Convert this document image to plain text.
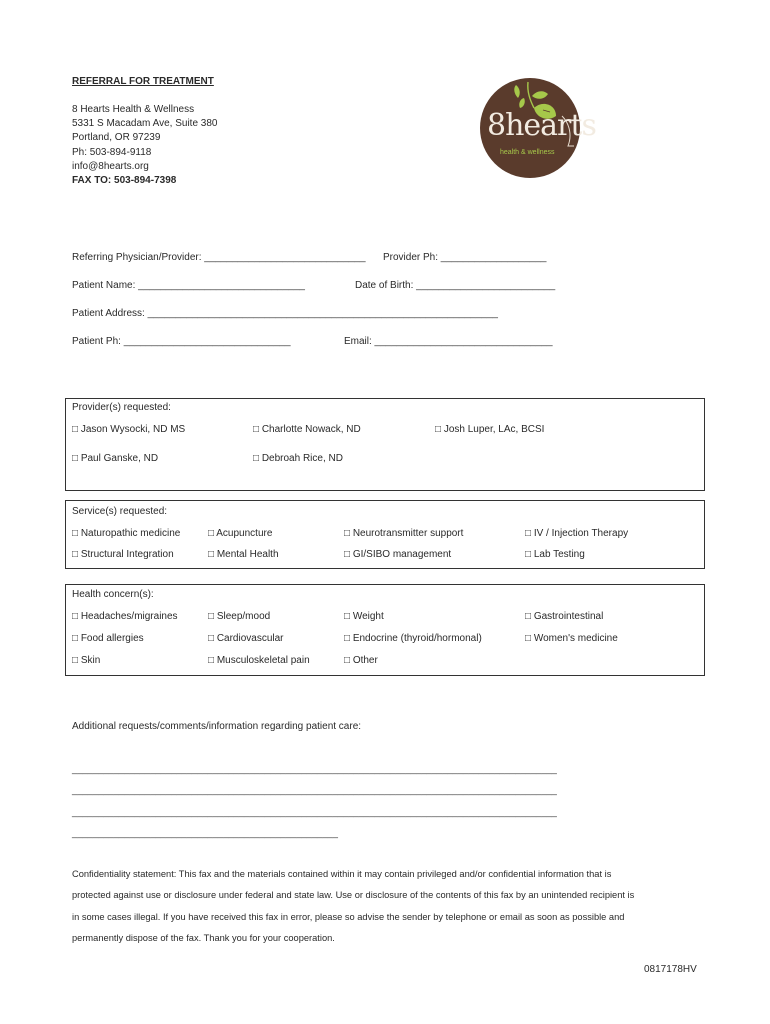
REFERRAL FOR TREATMENT
8 Hearts Health & Wellness
5331 S Macadam Ave, Suite 380
Portland, OR 97239
Ph: 503-894-9118
info@8hearts.org
FAX TO: 503-894-7398
8hearts
health & wellness
Referring Physician/Provider: _____________________________ Provider Ph: ___________________
Patient Name: ______________________________	Date of Birth: _________________________
Patient Address: _______________________________________________________________
Patient Ph: ______________________________	Email: ________________________________
Provider(s) requested:
□ Jason Wysocki, ND MS	□ Charlotte Nowack, ND	□ Josh Luper, LAc, BCSI
□ Paul Ganske, ND	□ Debroah Rice, ND
Service(s) requested:
□ Naturopathic medicine	□ Acupuncture	□ Neurotransmitter support	□ IV / Injection Therapy
□ Structural Integration	□ Mental Health	□ GI/SIBO management	□ Lab Testing
Health concern(s):
□ Headaches/migraines	□ Sleep/mood	□ Weight	□ Gastrointestinal
□ Food allergies	□ Cardiovascular	□ Endocrine (thyroid/hormonal)	□ Women's medicine
□ Skin	□ Musculoskeletal pain	□ Other
Additional requests/comments/information regarding patient care:
_____________________________________________________________________________________________
_____________________________________________________________________________________________
_____________________________________________________________________________________________
___________________________________________________
Confidentiality statement: This fax and the materials contained within it may contain privileged and/or confidential information that is
protected against use or disclosure under federal and state law. Use or disclosure of the contents of this fax by an unintended recipient is
in some cases illegal. If you have received this fax in error, please so advise the sender by telephone or email as soon as possible and
permanently dispose of the fax. Thank you for your cooperation.
0817178HV
